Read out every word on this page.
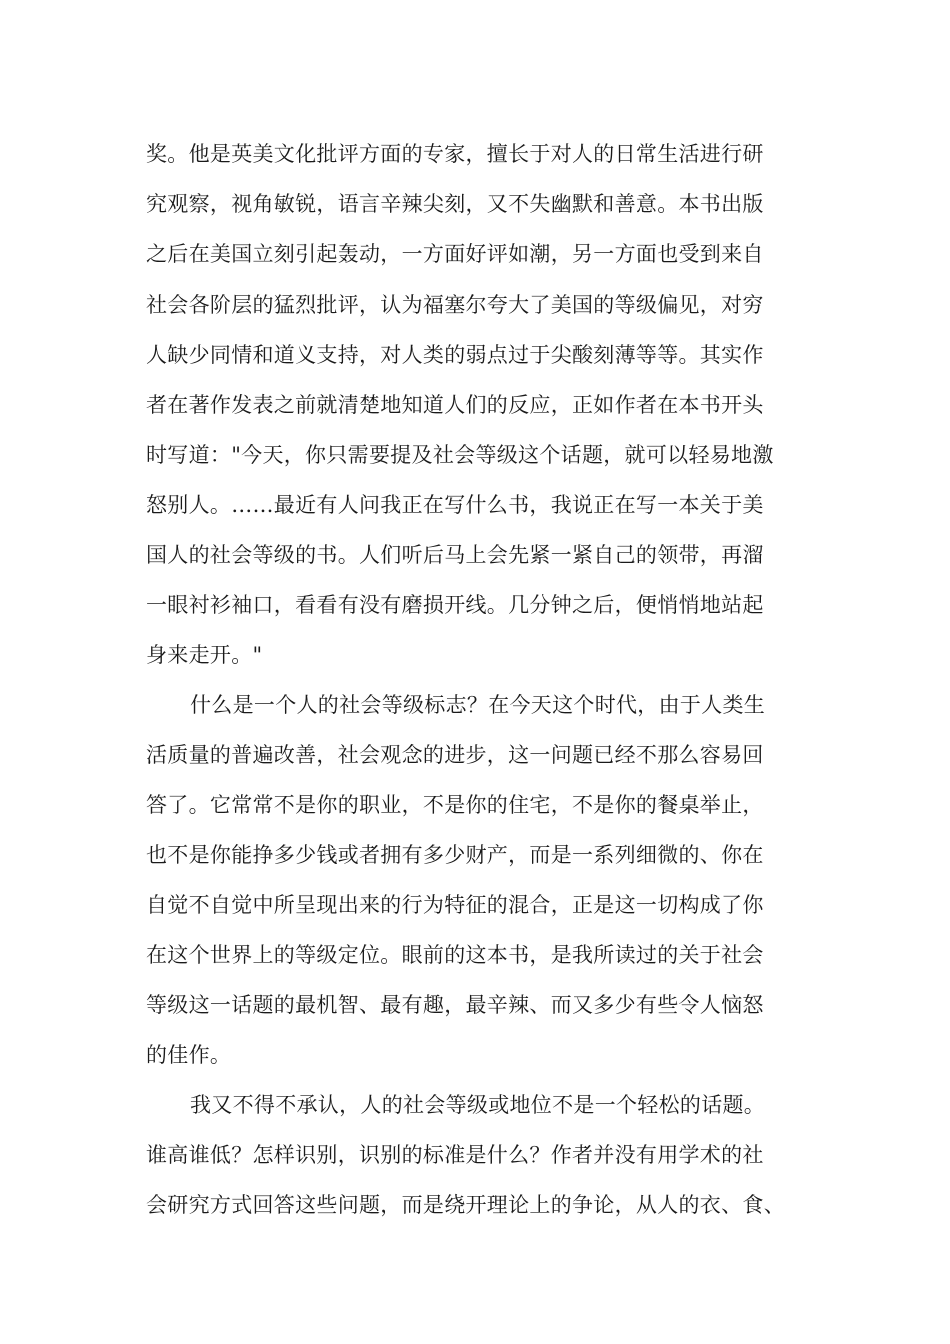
奖。他是英美文化批评方面的专家，擅长于对人的日常生活进行研
究观察，视角敏锐，语言辛辣尖刻，又不失幽默和善意。本书出版
之后在美国立刻引起轰动，一方面好评如潮，另一方面也受到来自
社会各阶层的猛烈批评，认为福塞尔夸大了美国的等级偏见，对穷
人缺少同情和道义支持，对人类的弱点过于尖酸刻薄等等。其实作
者在著作发表之前就清楚地知道人们的反应，正如作者在本书开头
时写道："今天，你只需要提及社会等级这个话题，就可以轻易地激
怒别人。……最近有人问我正在写什么书，我说正在写一本关于美
国人的社会等级的书。人们听后马上会先紧一紧自己的领带，再溜
一眼衬衫袖口，看看有没有磨损开线。几分钟之后，便悄悄地站起
身来走开。"
什么是一个人的社会等级标志？在今天这个时代，由于人类生
活质量的普遍改善，社会观念的进步，这一问题已经不那么容易回
答了。它常常不是你的职业，不是你的住宅，不是你的餐桌举止，
也不是你能挣多少钱或者拥有多少财产，而是一系列细微的、你在
自觉不自觉中所呈现出来的行为特征的混合，正是这一切构成了你
在这个世界上的等级定位。眼前的这本书，是我所读过的关于社会
等级这一话题的最机智、最有趣，最辛辣、而又多少有些令人恼怒
的佳作。
我又不得不承认，人的社会等级或地位不是一个轻松的话题。
谁高谁低？怎样识别，识别的标准是什么？作者并没有用学术的社
会研究方式回答这些问题，而是绕开理论上的争论，从人的衣、食、
